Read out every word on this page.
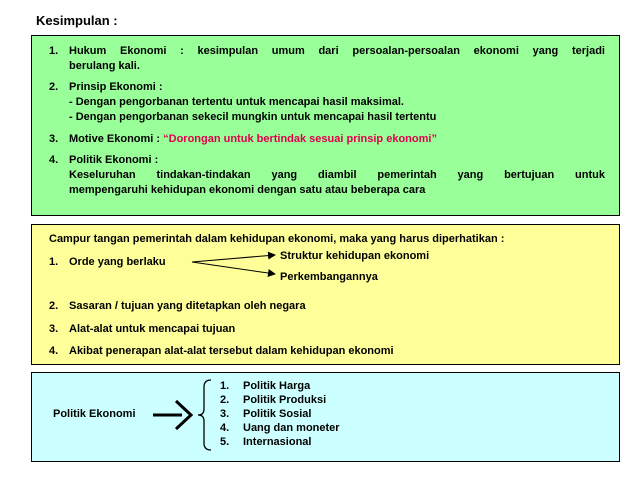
Kesimpulan :
1. Hukum Ekonomi : kesimpulan umum dari persoalan-persoalan ekonomi yang terjadi
berulang kali.
2. Prinsip Ekonomi :
- Dengan pengorbanan tertentu untuk mencapai hasil maksimal.
- Dengan pengorbanan sekecil mungkin untuk mencapai hasil tertentu
3. Motive Ekonomi : “Dorongan untuk bertindak sesuai prinsip ekonomi”
4. Politik Ekonomi :
Keseluruhan tindakan-tindakan yang diambil pemerintah yang bertujuan untuk
mempengaruhi kehidupan ekonomi dengan satu atau beberapa cara
Campur tangan pemerintah dalam kehidupan ekonomi, maka yang harus diperhatikan :
1. Orde yang berlaku	Struktur kehidupan ekonomi
Perkembangannya
2. Sasaran / tujuan yang ditetapkan oleh negara
3. Alat-alat untuk mencapai tujuan
4. Akibat penerapan alat-alat tersebut dalam kehidupan ekonomi
Politik Ekonomi
1. Politik Harga
2. Politik Produksi
3. Politik Sosial
4. Uang dan moneter
5. Internasional
